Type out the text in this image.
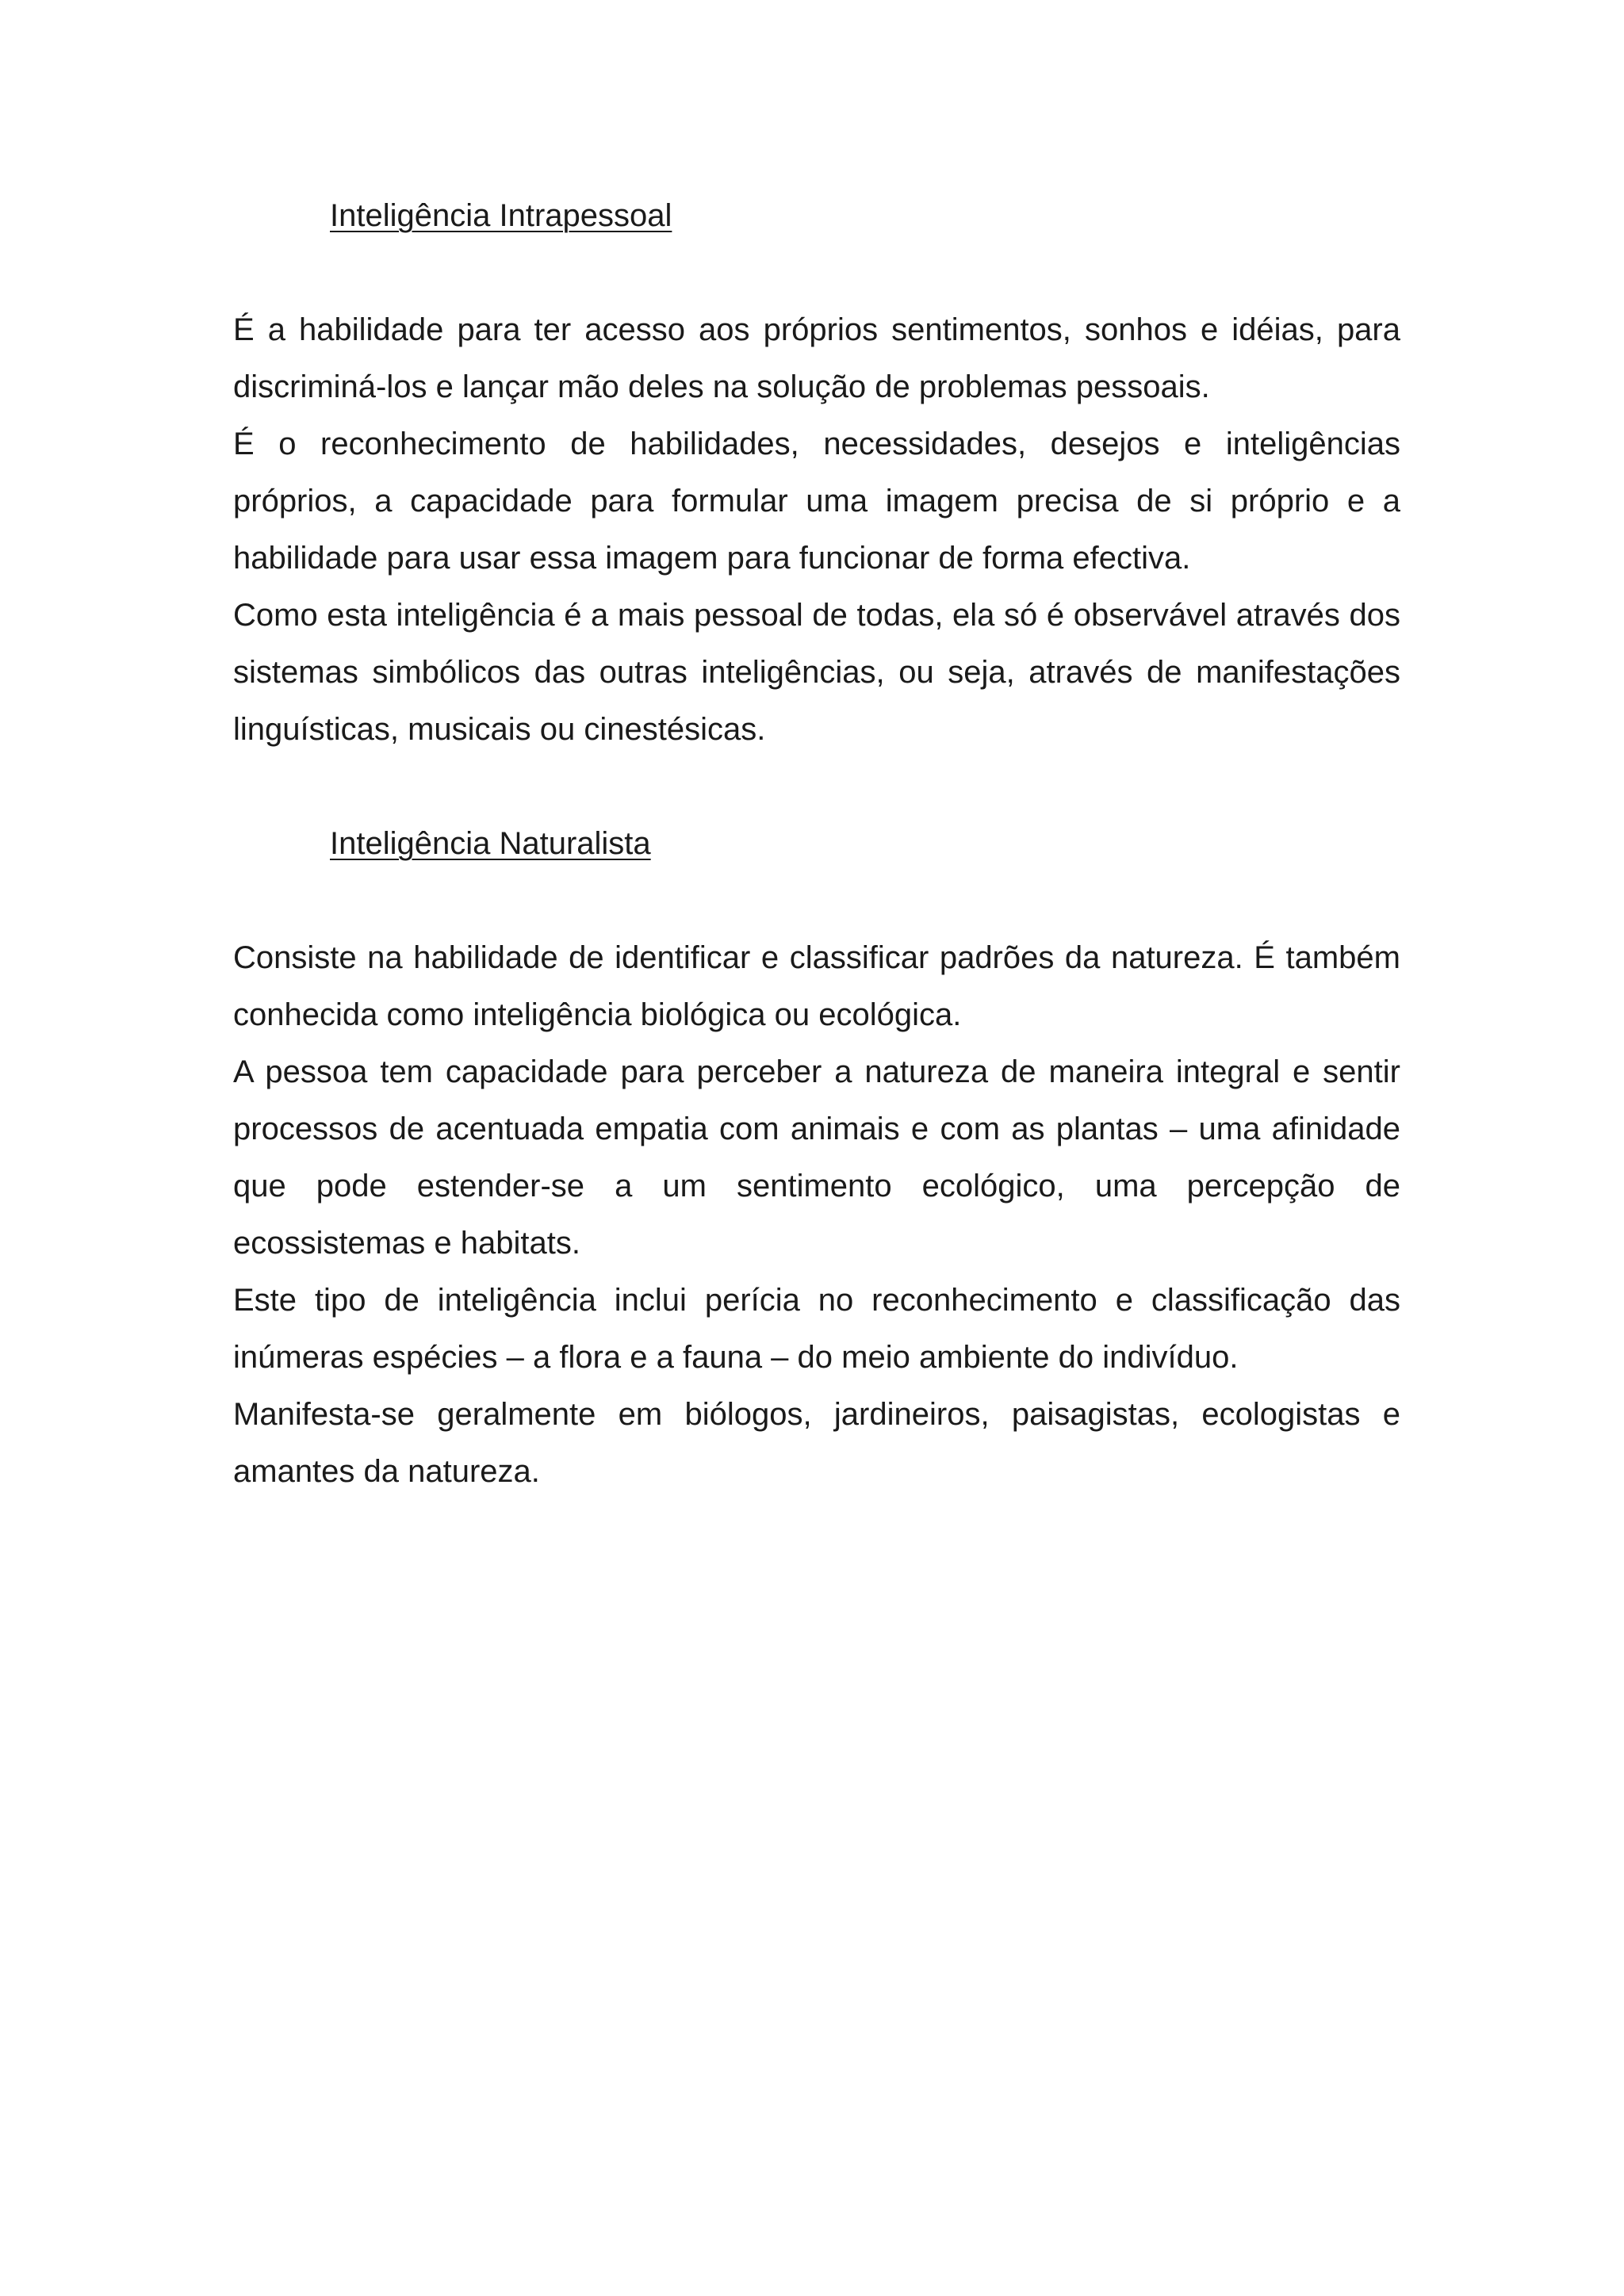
Inteligência Intrapessoal

É a habilidade para ter acesso aos próprios sentimentos, sonhos e idéias, para discriminá-los e lançar mão deles na solução de problemas pessoais.

É o reconhecimento de habilidades, necessidades, desejos e inteligências próprios, a capacidade para formular uma imagem precisa de si próprio e a habilidade para usar essa imagem para funcionar de forma efectiva.

Como esta inteligência é a mais pessoal de todas, ela só é observável através dos sistemas simbólicos das outras inteligências, ou seja, através de manifestações linguísticas, musicais ou cinestésicas.

Inteligência Naturalista

Consiste na habilidade de identificar e classificar padrões da natureza. É também conhecida como inteligência biológica ou ecológica.

A pessoa tem capacidade para perceber a natureza de maneira integral e sentir processos de acentuada empatia com animais e com as plantas – uma afinidade que pode estender-se a um sentimento ecológico, uma percepção de ecossistemas e habitats.

Este tipo de inteligência inclui perícia no reconhecimento e classificação das inúmeras espécies – a flora e a fauna – do meio ambiente do indivíduo.

Manifesta-se geralmente em biólogos, jardineiros, paisagistas, ecologistas e amantes da natureza.
